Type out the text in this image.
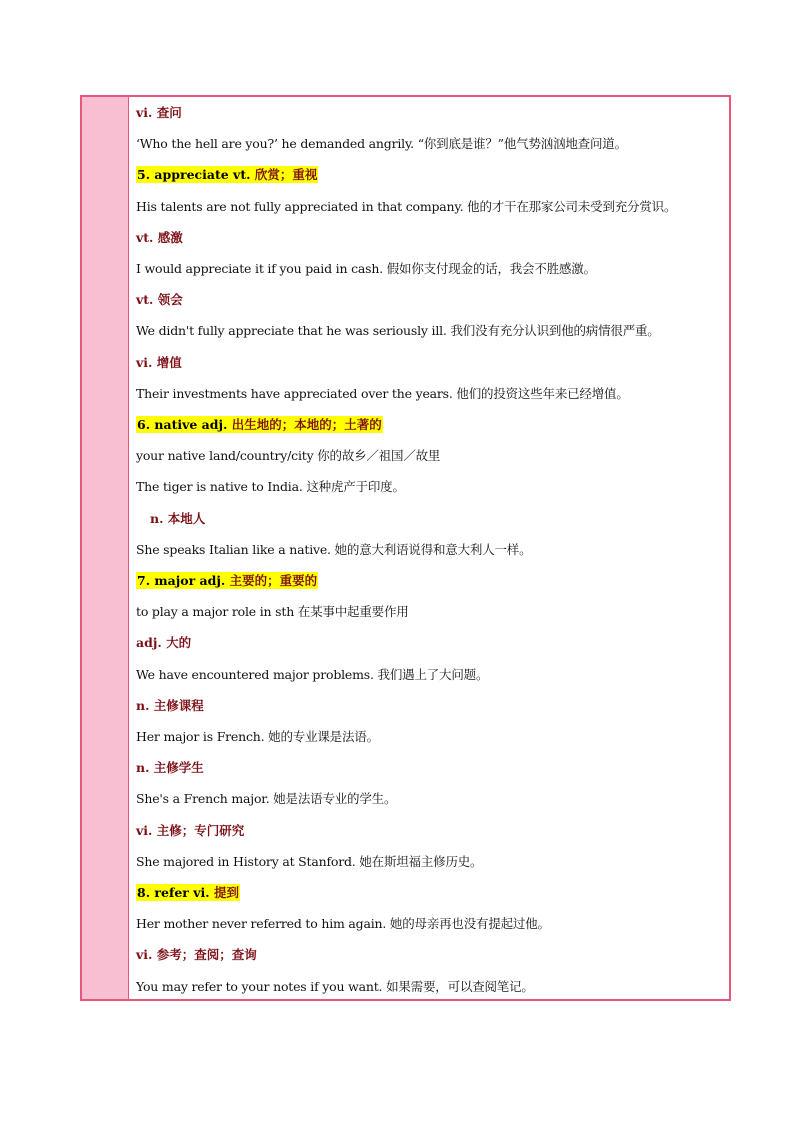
vi. 查问
‘Who the hell are you?’ he demanded angrily. “你到底是谁？”他气势汹汹地查问道。
5. appreciate vt. 欣赏；重视
His talents are not fully appreciated in that company. 他的才干在那家公司未受到充分赏识。
vt. 感激
I would appreciate it if you paid in cash. 假如你支付现金的话，我会不胜感激。
vt. 领会
We didn't fully appreciate that he was seriously ill. 我们没有充分认识到他的病情很严重。
vi. 增值
Their investments have appreciated over the years. 他们的投资这些年来已经增值。
6. native adj. 出生地的；本地的；土著的
your native land/country/city 你的故乡／祖国／故里
The tiger is native to India. 这种虎产于印度。
n. 本地人
She speaks Italian like a native. 她的意大利语说得和意大利人一样。
7. major adj. 主要的；重要的
to play a major role in sth 在某事中起重要作用
adj. 大的
We have encountered major problems. 我们遇上了大问题。
n. 主修课程
Her major is French. 她的专业课是法语。
n. 主修学生
She's a French major. 她是法语专业的学生。
vi. 主修；专门研究
She majored in History at Stanford. 她在斯坦福主修历史。
8. refer vi. 提到
Her mother never referred to him again. 她的母亲再也没有提起过他。
vi. 参考；查阅；查询
You may refer to your notes if you want. 如果需要，可以查阅笔记。
